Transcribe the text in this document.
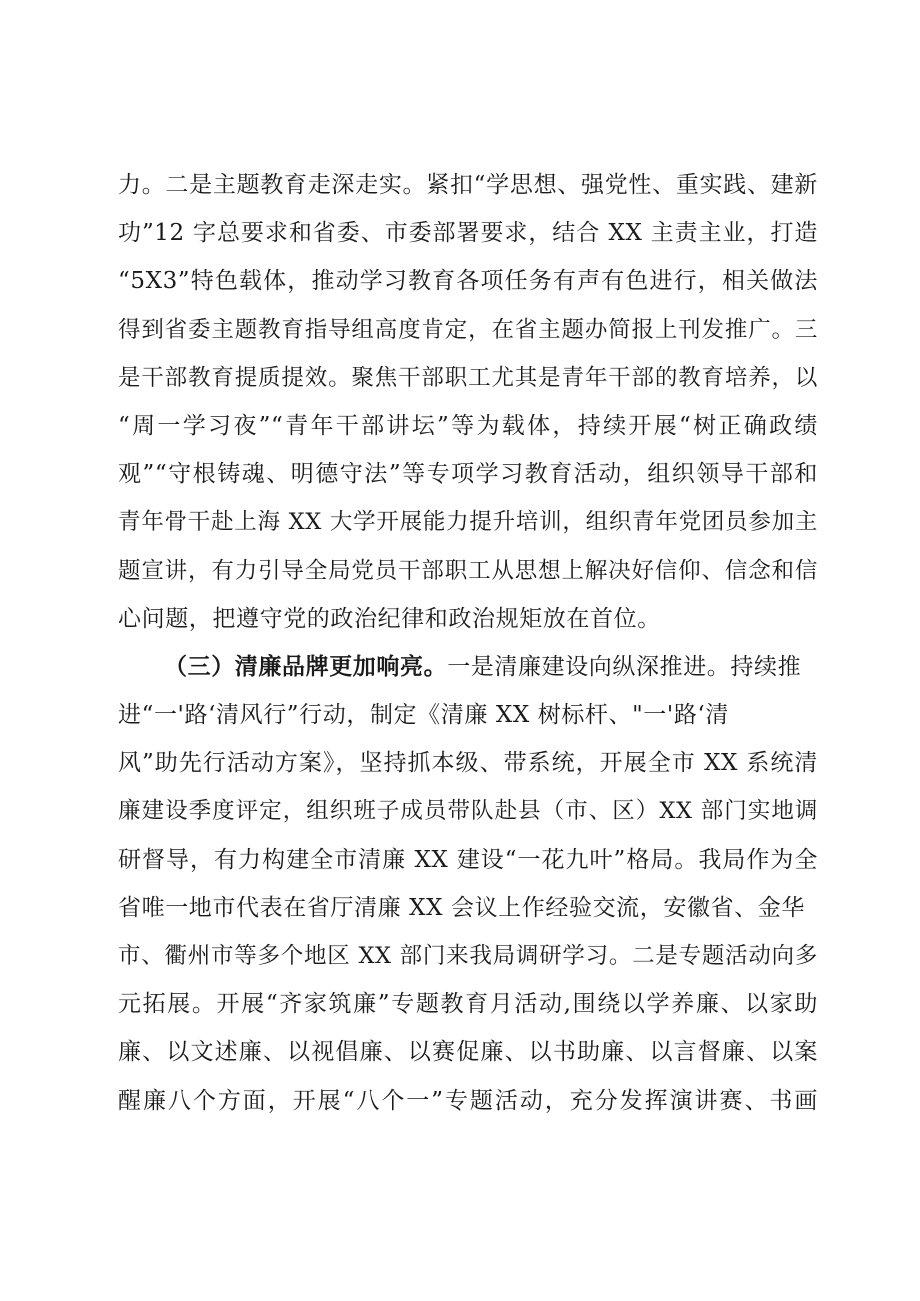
力。二是主题教育走深走实。紧扣“学思想、强党性、重实践、建新
功”12 字总要求和省委、市委部署要求，结合 XX 主责主业，打造
“5X3”特色载体，推动学习教育各项任务有声有色进行，相关做法
得到省委主题教育指导组高度肯定，在省主题办简报上刊发推广。三
是干部教育提质提效。聚焦干部职工尤其是青年干部的教育培养，以
“周一学习夜”“青年干部讲坛”等为载体，持续开展“树正确政绩
观”“守根铸魂、明德守法”等专项学习教育活动，组织领导干部和
青年骨干赴上海 XX 大学开展能力提升培训，组织青年党团员参加主
题宣讲，有力引导全局党员干部职工从思想上解决好信仰、信念和信
心问题，把遵守党的政治纪律和政治规矩放在首位。
（三）清廉品牌更加响亮。一是清廉建设向纵深推进。持续推
进“一'路‘清风行”行动，制定《清廉 XX 树标杆、"一'路‘清
风”助先行活动方案》，坚持抓本级、带系统，开展全市 XX 系统清
廉建设季度评定，组织班子成员带队赴县（市、区）XX 部门实地调
研督导，有力构建全市清廉 XX 建设“一花九叶”格局。我局作为全
省唯一地市代表在省厅清廉 XX 会议上作经验交流，安徽省、金华
市、衢州市等多个地区 XX 部门来我局调研学习。二是专题活动向多
元拓展。开展“齐家筑廉”专题教育月活动,围绕以学养廉、以家助
廉、以文述廉、以视倡廉、以赛促廉、以书助廉、以言督廉、以案
醒廉八个方面，开展“八个一”专题活动，充分发挥演讲赛、书画
